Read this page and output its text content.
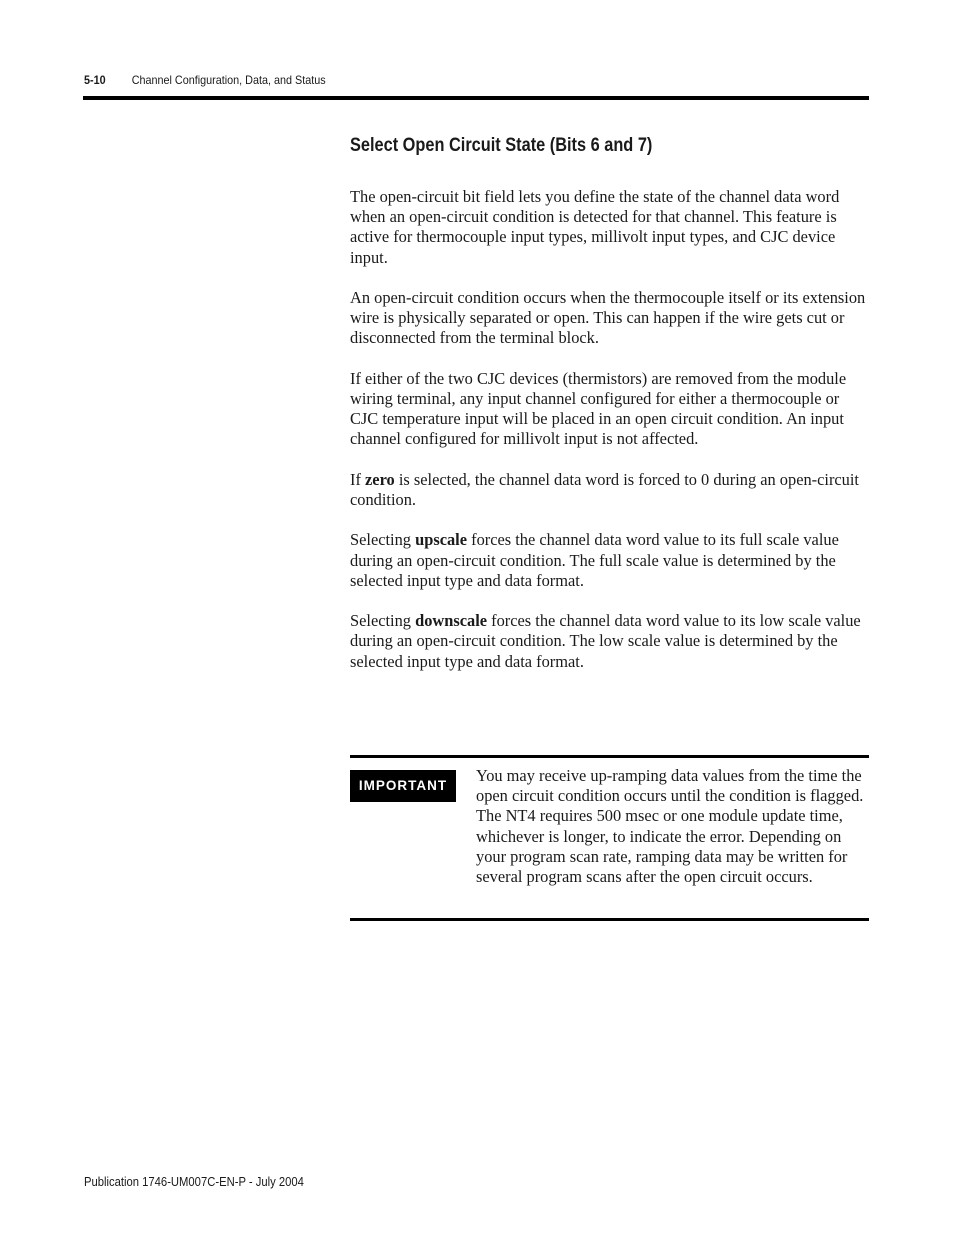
5-10 Channel Configuration, Data, and Status
Select Open Circuit State (Bits 6 and 7)

The open-circuit bit field lets you define the state of the channel data word when an open-circuit condition is detected for that channel. This feature is active for thermocouple input types, millivolt input types, and CJC device input.

An open-circuit condition occurs when the thermocouple itself or its extension wire is physically separated or open. This can happen if the wire gets cut or disconnected from the terminal block.

If either of the two CJC devices (thermistors) are removed from the module wiring terminal, any input channel configured for either a thermocouple or CJC temperature input will be placed in an open circuit condition. An input channel configured for millivolt input is not affected.

If zero is selected, the channel data word is forced to 0 during an open-circuit condition.

Selecting upscale forces the channel data word value to its full scale value during an open-circuit condition. The full scale value is determined by the selected input type and data format.

Selecting downscale forces the channel data word value to its low scale value during an open-circuit condition. The low scale value is determined by the selected input type and data format.

IMPORTANT
You may receive up-ramping data values from the time the open circuit condition occurs until the condition is flagged. The NT4 requires 500 msec or one module update time, whichever is longer, to indicate the error. Depending on your program scan rate, ramping data may be written for several program scans after the open circuit occurs.
Publication 1746-UM007C-EN-P - July 2004
